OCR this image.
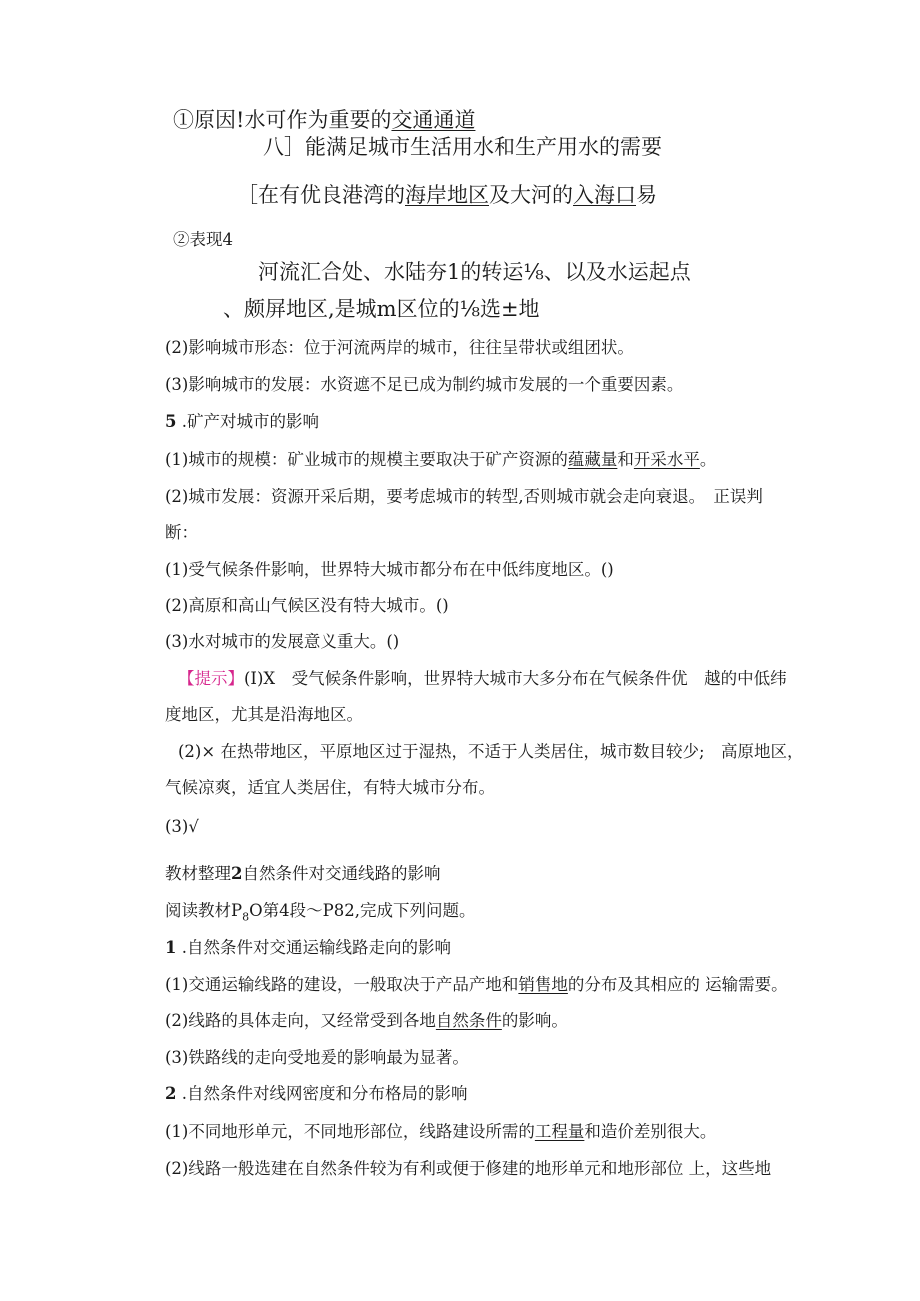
①原因!水可作为重要的交通通道
八］能满足城市生活用水和生产用水的需要
［在有优良港湾的海岸地区及大河的入海口易
②表现4
河流汇合处、水陆夯1的转运⅛、以及水运起点
、颇屏地区,是城m区位的⅛选±地
(2)影响城市形态：位于河流两岸的城市，往往呈带状或组团状。
(3)影响城市的发展：水资遮不足已成为制约城市发展的一个重要因素。
5 .矿产对城市的影响
(1)城市的规模：矿业城市的规模主要取决于矿产资源的蕴藏量和开采水平。
(2)城市发展：资源开采后期，要考虑城市的转型,否则城市就会走向衰退。　正误判
断：
(1)受气候条件影响，世界特大城市都分布在中低纬度地区。()
(2)高原和高山气候区没有特大城市。()
(3)水对城市的发展意义重大。()
【提示】(I)X　受气候条件影响，世界特大城市大多分布在气候条件优　越的中低纬
度地区，尤其是沿海地区。
(2)× 在热带地区，平原地区过于湿热，不适于人类居住，城市数目较少;　高原地区，
气候凉爽，适宜人类居住，有特大城市分布。
(3)√
教材整理2自然条件对交通线路的影响
阅读教材$P_8O$第4段～P82,完成下列问题。
1 .自然条件对交通运输线路走向的影响
(1)交通运输线路的建设，一般取决于产品产地和销售地的分布及其相应的 运输需要。
(2)线路的具体走向，又经常受到各地自然条件的影响。
(3)铁路线的走向受地爰的影响最为显著。
2 .自然条件对线网密度和分布格局的影响
(1)不同地形单元，不同地形部位，线路建设所需的工程量和造价差别很大。
(2)线路一般选建在自然条件较为有利或便于修建的地形单元和地形部位 上，这些地
